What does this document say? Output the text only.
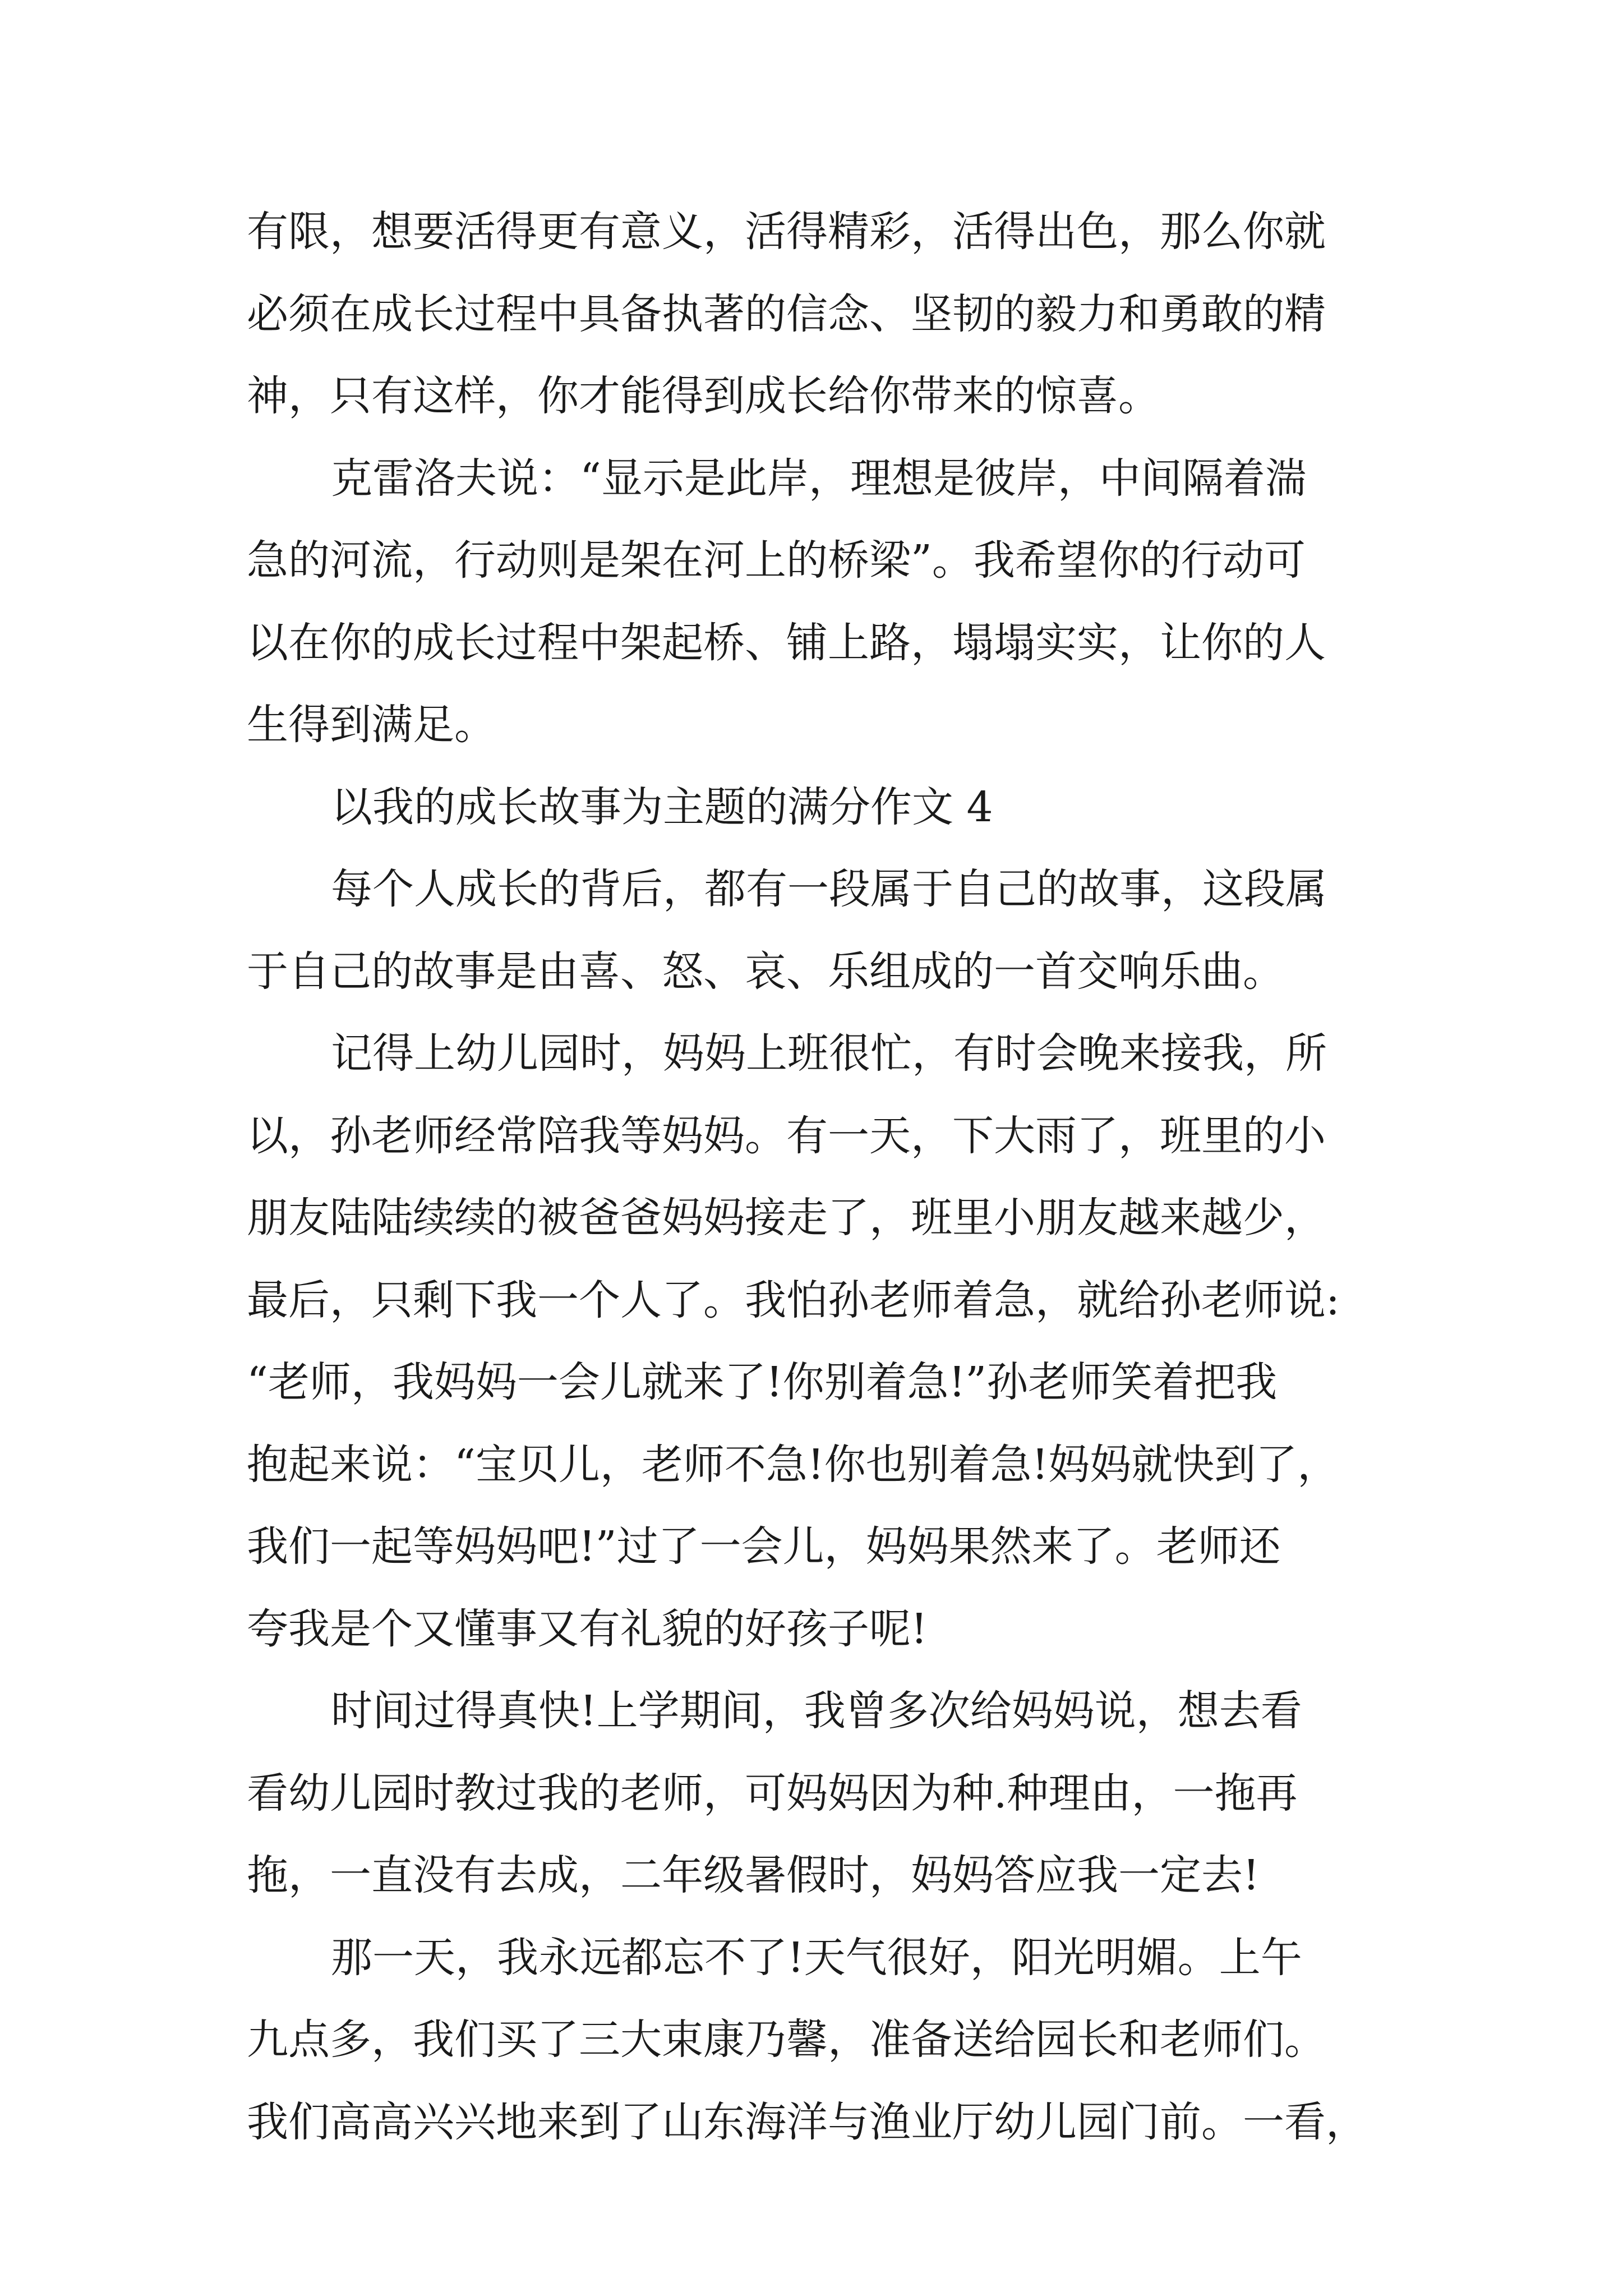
有限，想要活得更有意义，活得精彩，活得出色，那么你就
必须在成长过程中具备执著的信念、坚韧的毅力和勇敢的精
神，只有这样，你才能得到成长给你带来的惊喜。
克雷洛夫说：“显示是此岸，理想是彼岸，中间隔着湍
急的河流，行动则是架在河上的桥梁”。我希望你的行动可
以在你的成长过程中架起桥、铺上路，塌塌实实，让你的人
生得到满足。
以我的成长故事为主题的满分作文 4
每个人成长的背后，都有一段属于自己的故事，这段属
于自己的故事是由喜、怒、哀、乐组成的一首交响乐曲。
记得上幼儿园时，妈妈上班很忙，有时会晚来接我，所
以，孙老师经常陪我等妈妈。有一天，下大雨了，班里的小
朋友陆陆续续的被爸爸妈妈接走了，班里小朋友越来越少，
最后，只剩下我一个人了。我怕孙老师着急，就给孙老师说:
“老师，我妈妈一会儿就来了!你别着急!”孙老师笑着把我
抱起来说：“宝贝儿，老师不急!你也别着急!妈妈就快到了，
我们一起等妈妈吧!”过了一会儿，妈妈果然来了。老师还
夸我是个又懂事又有礼貌的好孩子呢!
时间过得真快!上学期间，我曾多次给妈妈说，想去看
看幼儿园时教过我的老师，可妈妈因为种.种理由，一拖再
拖，一直没有去成，二年级暑假时，妈妈答应我一定去!
那一天，我永远都忘不了!天气很好，阳光明媚。上午
九点多，我们买了三大束康乃馨，准备送给园长和老师们。
我们高高兴兴地来到了山东海洋与渔业厅幼儿园门前。一看，
